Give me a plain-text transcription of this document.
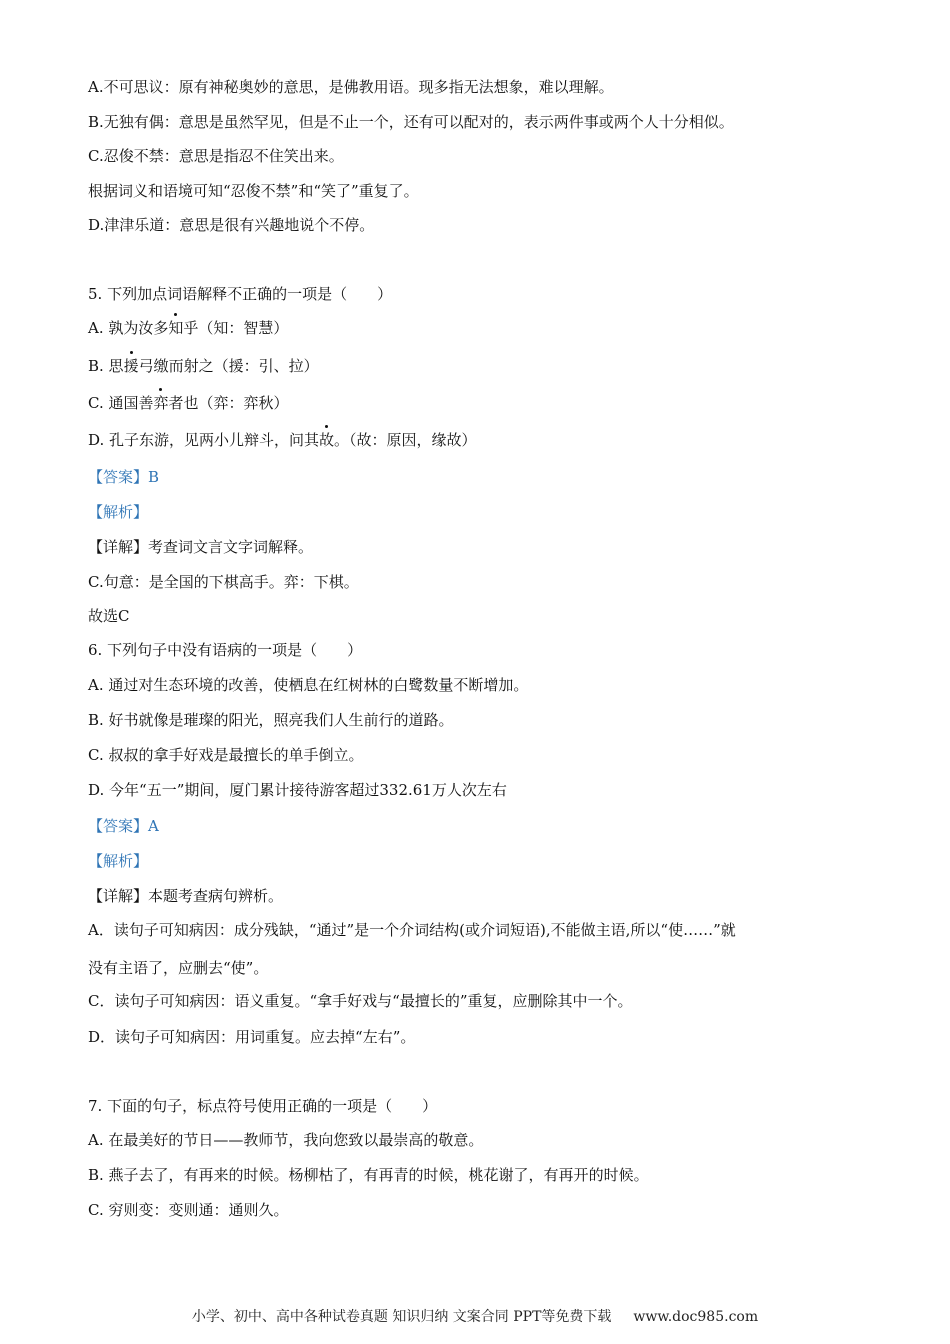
A.不可思议：原有神秘奥妙的意思，是佛教用语。现多指无法想象，难以理解。
B.无独有偶：意思是虽然罕见，但是不止一个，还有可以配对的，表示两件事或两个人十分相似。
C.忍俊不禁：意思是指忍不住笑出来。
根据词义和语境可知“忍俊不禁”和“笑了”重复了。
D.津津乐道：意思是很有兴趣地说个不停。
5. 下列加点词语解释不正确的一项是（　　）
A. 孰为汝多知乎（知：智慧）
B. 思援弓缴而射之（援：引、拉）
C. 通国善弈者也（弈：弈秋）
D. 孔子东游，见两小儿辩斗，问其故。（故：原因，缘故）
【答案】B
【解析】
【详解】考查词文言文字词解释。
C.句意：是全国的下棋高手。弈：下棋。
故选C
6. 下列句子中没有语病的一项是（　　）
A. 通过对生态环境的改善，使栖息在红树林的白鹭数量不断增加。
B. 好书就像是璀璨的阳光，照亮我们人生前行的道路。
C. 叔叔的拿手好戏是最擅长的单手倒立。
D. 今年“五一”期间，厦门累计接待游客超过332.61万人次左右
【答案】A
【解析】
【详解】本题考查病句辨析。
A．读句子可知病因：成分残缺，“通过”是一个介词结构(或介词短语),不能做主语,所以“使……”就
没有主语了，应删去“使”。
C．读句子可知病因：语义重复。“拿手好戏与“最擅长的”重复，应删除其中一个。
D．读句子可知病因：用词重复。应去掉“左右”。
7. 下面的句子，标点符号使用正确的一项是（　　）
A. 在最美好的节日——教师节，我向您致以最崇高的敬意。
B. 燕子去了，有再来的时候。杨柳枯了，有再青的时候，桃花谢了，有再开的时候。
C. 穷则变：变则通：通则久。
小学、初中、高中各种试卷真题 知识归纳 文案合同 PPT等免费下载 www.doc985.com
